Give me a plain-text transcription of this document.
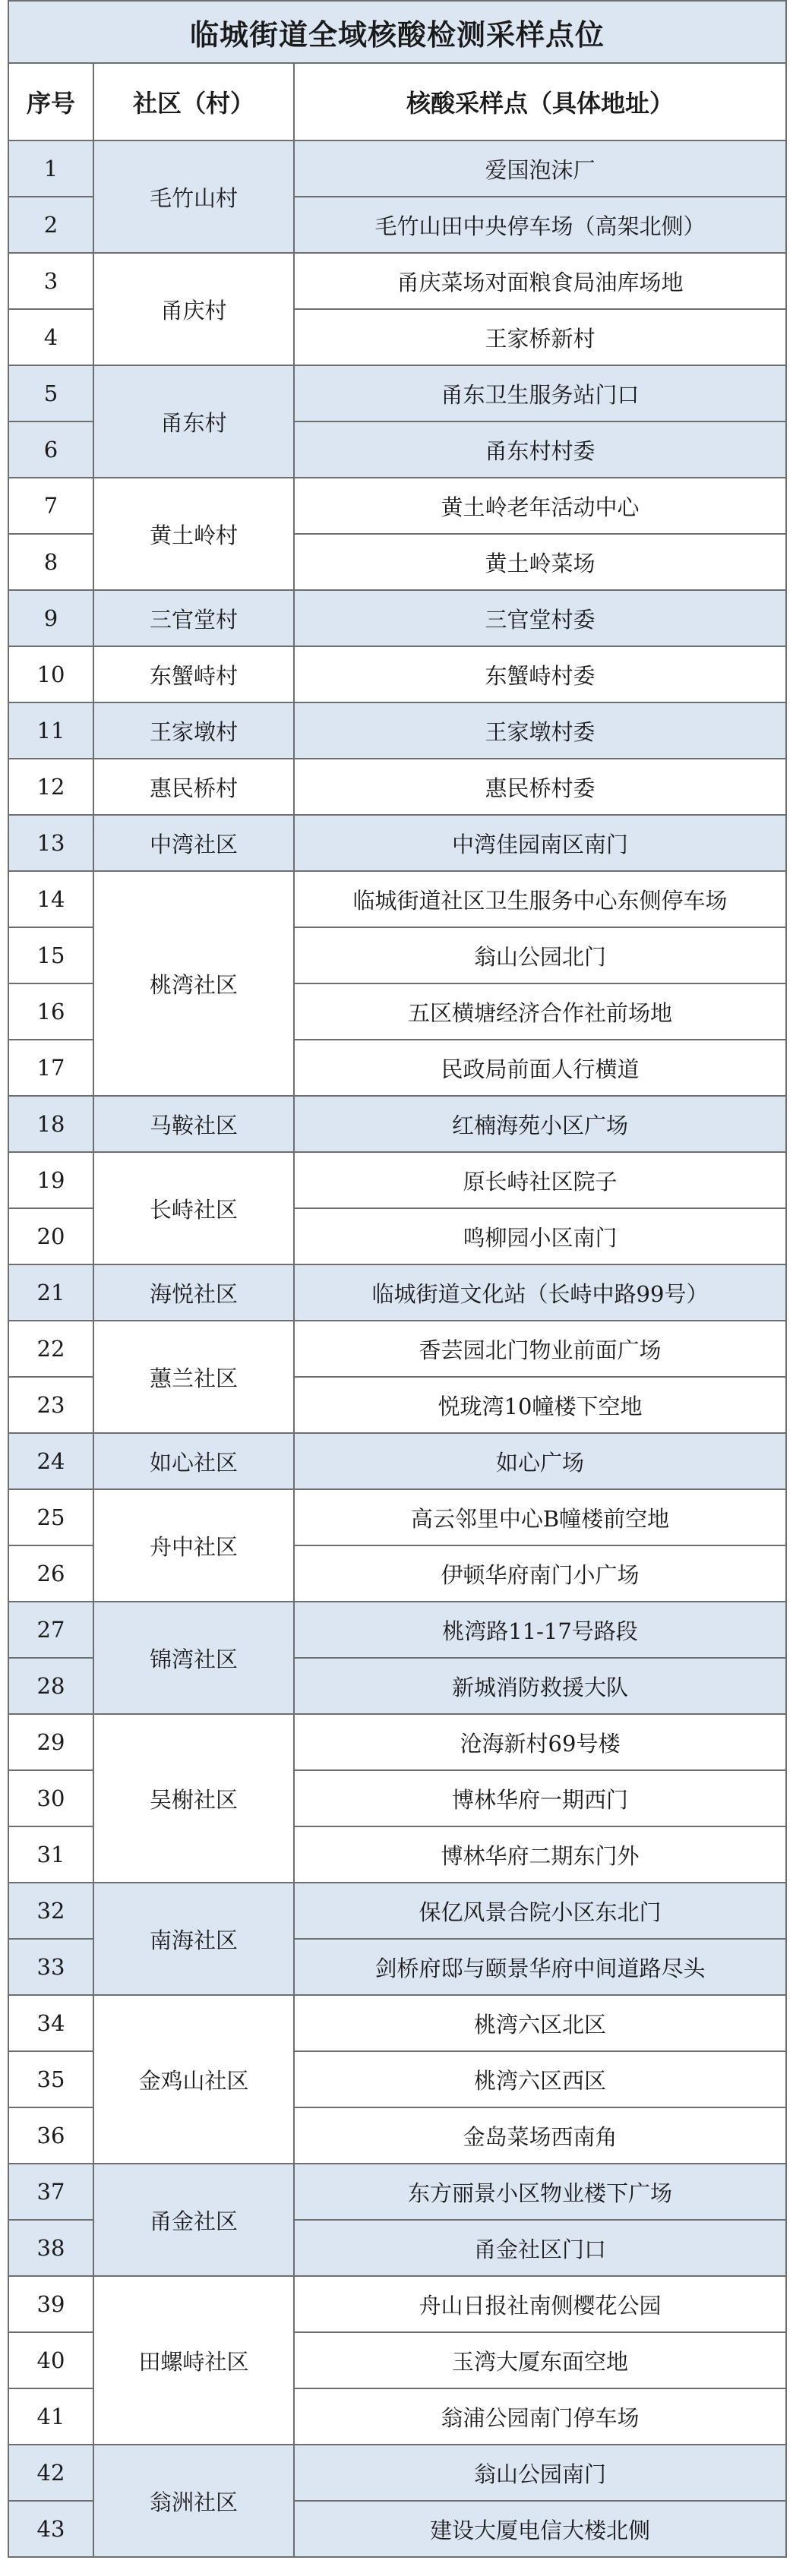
临城街道全域核酸检测采样点位		
序号	社区（村）	核酸采样点（具体地址）
1	毛竹山村	爱国泡沫厂
2		毛竹山田中央停车场（高架北侧）
3	甬庆村	甬庆菜场对面粮食局油库场地
4		王家桥新村
5	甬东村	甬东卫生服务站门口
6		甬东村村委
7	黄土岭村	黄土岭老年活动中心
8		黄土岭菜场
9	三官堂村	三官堂村委
10	东蟹峙村	东蟹峙村委
11	王家墩村	王家墩村委
12	惠民桥村	惠民桥村委
13	中湾社区	中湾佳园南区南门
14	桃湾社区	临城街道社区卫生服务中心东侧停车场
15		翁山公园北门
16		五区横塘经济合作社前场地
17		民政局前面人行横道
18	马鞍社区	红楠海苑小区广场
19	长峙社区	原长峙社区院子
20		鸣柳园小区南门
21	海悦社区	临城街道文化站（长峙中路99号）
22	蕙兰社区	香芸园北门物业前面广场
23		悦珑湾10幢楼下空地
24	如心社区	如心广场
25	舟中社区	高云邻里中心B幢楼前空地
26		伊顿华府南门小广场
27	锦湾社区	桃湾路11-17号路段
28		新城消防救援大队
29	吴榭社区	沧海新村69号楼
30		博林华府一期西门
31		博林华府二期东门外
32	南海社区	保亿风景合院小区东北门
33		剑桥府邸与颐景华府中间道路尽头
34	金鸡山社区	桃湾六区北区
35		桃湾六区西区
36		金岛菜场西南角
37	甬金社区	东方丽景小区物业楼下广场
38		甬金社区门口
39	田螺峙社区	舟山日报社南侧樱花公园
40		玉湾大厦东面空地
41		翁浦公园南门停车场
42	翁洲社区	翁山公园南门
43		建设大厦电信大楼北侧
